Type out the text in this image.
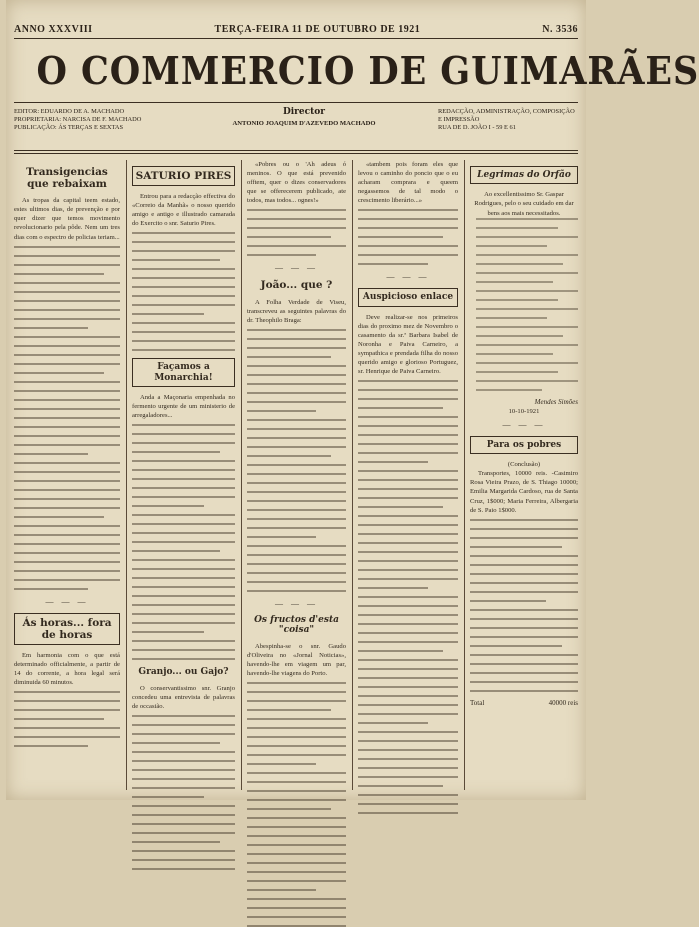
ANNO XXXVIII	TERÇA-FEIRA 11 DE OUTUBRO DE 1921	N. 3536
O COMMERCIO DE GUIMARÃES
EDITOR: EDUARDO DE A. MACHADO
PROPRIETARIA: NARCISA DE F. MACHADO
PUBLICAÇÃO: ÁS TERÇAS E SEXTAS
Director
ANTONIO JOAQUIM D'AZEVEDO MACHADO
REDACÇÃO, ADMINISTRAÇÃO, COMPOSIÇÃO
E IMPRESSÃO
RUA DE D. JOÃO I - 59 E 61
Transigencias que rebaixam
As tropas da capital teem estado, estes ultimos dias, de prevenção e por quer dizer que temos movimento revolucionario pela pôde. Nem um tres dias com o espectro de policias teriam...
— — —
Ás horas... fora de horas
Em harmonia com o que está determinado officialmente, a partir de 14 do corrente, a hora legal será diminuida 60 minutos.
SATURIO PIRES
Entrou para a redacção effectiva do «Correio da Manhã» o nosso querido amigo e antigo e illustrado camarada do Exercito o snr. Saturio Pires.
Façamos a Monarchia!
Anda a Maçonaria empenhada no fermento urgente de um ministerio de arregaladores...
Granjo... ou Gajo?
O conservantissimo snr. Granjo concedeu uma entrevista de palavras de occasião.
«Pobres ou o 'Ah adeus ó meninos. O que está prevenido offtem, quer o dizes conservadores que se offerecerem publicado, ate todos, mas todos... ognes!»
— — —
João... que ?
A Folha Verdade de Viseu, transcreveu as seguintes palavras do dr. Theophilo Braga:
— — —
Os fructos d'esta "coisa"
Abespinha-se o snr. Gaudo d'Oliveira no «Jornal Noticias», havendo-lhe em viagem um par, havendo-lhe viagens do Porto.
«tambem pois foram eles que levou o caminho do poncio que o eu acharam comprara e queem negassemos de tal modo o crescimento liberário...»
— — —
Auspicioso enlace
Deve realizar-se nos primeiros dias do proximo mez de Novembro o casamento da sr.ª Barbara Isabel de Noronha e Paiva Carneiro, a sympathica e prendada filha do nosso querido amigo e glorioso Portuguez, sr. Henrique de Paiva Carneiro.
Legrimas do Orfão
Ao excellentissimo Sr. Gaspar Rodrigues, pelo o seu cuidado em dar bens aos mais necessitados.
Mendes Simões
10-10-1921
— — —
Para os pobres
(Conclusão)
Transportes, 10000 reis. -Casimiro Rosa Vieira Prazo, de S. Thiago 10000; Emilia Margarida Cardoso, rua de Santa Cruz, 1$000; Maria Ferreira, Albergaria de S. Paio 1$000.
Total	40000 reis
